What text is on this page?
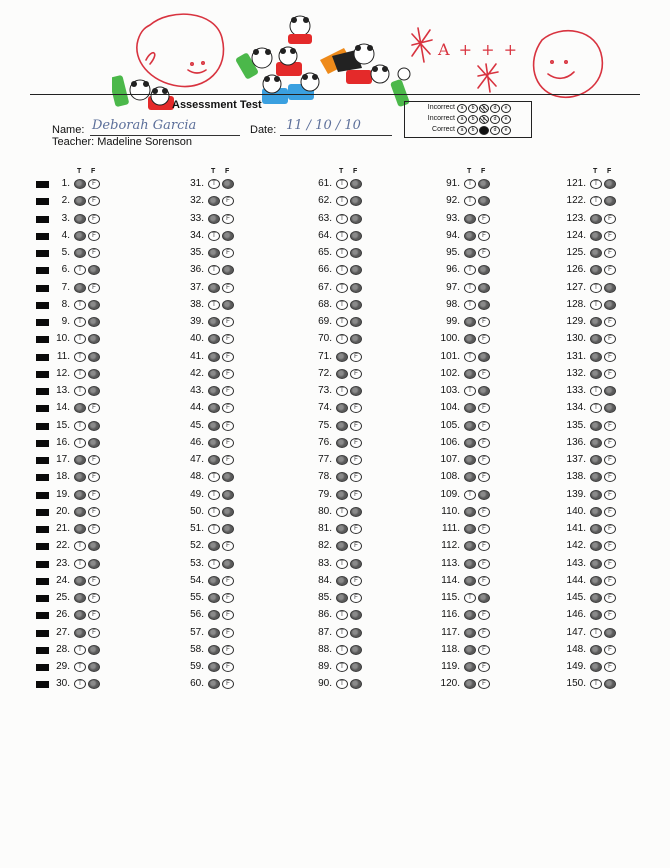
A + + +
Assessment Test
Name: Deborah Garcia	Date: 11 / 10 / 10
Teacher: Madeline Sorenson
Incorrect	a b c d e
Incorrect	a b c d e
Correct	a b	d e
T F
1.	F
2.	F
3.	F
4.	F
5.	F
6.	T
7.	F
8.	T
9.	T
10.	T
11.	T
12.	T
13.	T
14.	F
15.	T
16.	T
17.	F
18.	F
19.	F
20.	F
21.	F
22.	T
23.	T
24.	F
25.	F
26.	F
27.	F
28.	T
29.	T
30.	T
T F
31.	T
32.	F
33.	F
34.	T
35.	F
36.	T
37.	F
38.	T
39.	F
40.	F
41.	F
42.	F
43.	F
44.	F
45.	F
46.	F
47.	F
48.	T
49.	T
50.	T
51.	T
52.	F
53.	T
54.	F
55.	F
56.	F
57.	F
58.	F
59.	F
60.	F
T F
61.	T
62.	T
63.	T
64.	T
65.	T
66.	T
67.	T
68.	T
69.	T
70.	T
71.	F
72.	F
73.	T
74.	F
75.	F
76.	F
77.	F
78.	F
79.	F
80.	T
81.	F
82.	F
83.	T
84.	F
85.	F
86.	T
87.	T
88.	T
89.	T
90.	T
T F
91.	T
92.	T
93.	F
94.	F
95.	F
96.	T
97.	T
98.	T
99.	F
100.	F
101.	T
102.	F
103.	T
104.	F
105.	F
106.	F
107.	F
108.	F
109.	T
110.	F
111.	F
112.	F
113.	F
114.	F
115.	T
116.	F
117.	F
118.	F
119.	F
120.	F
T F
121.	T
122.	T
123.	F
124.	F
125.	F
126.	F
127.	T
128.	T
129.	F
130.	F
131.	F
132.	F
133.	T
134.	T
135.	F
136.	F
137.	F
138.	F
139.	F
140.	F
141.	F
142.	F
143.	F
144.	F
145.	F
146.	F
147.	T
148.	F
149.	F
150.	T
